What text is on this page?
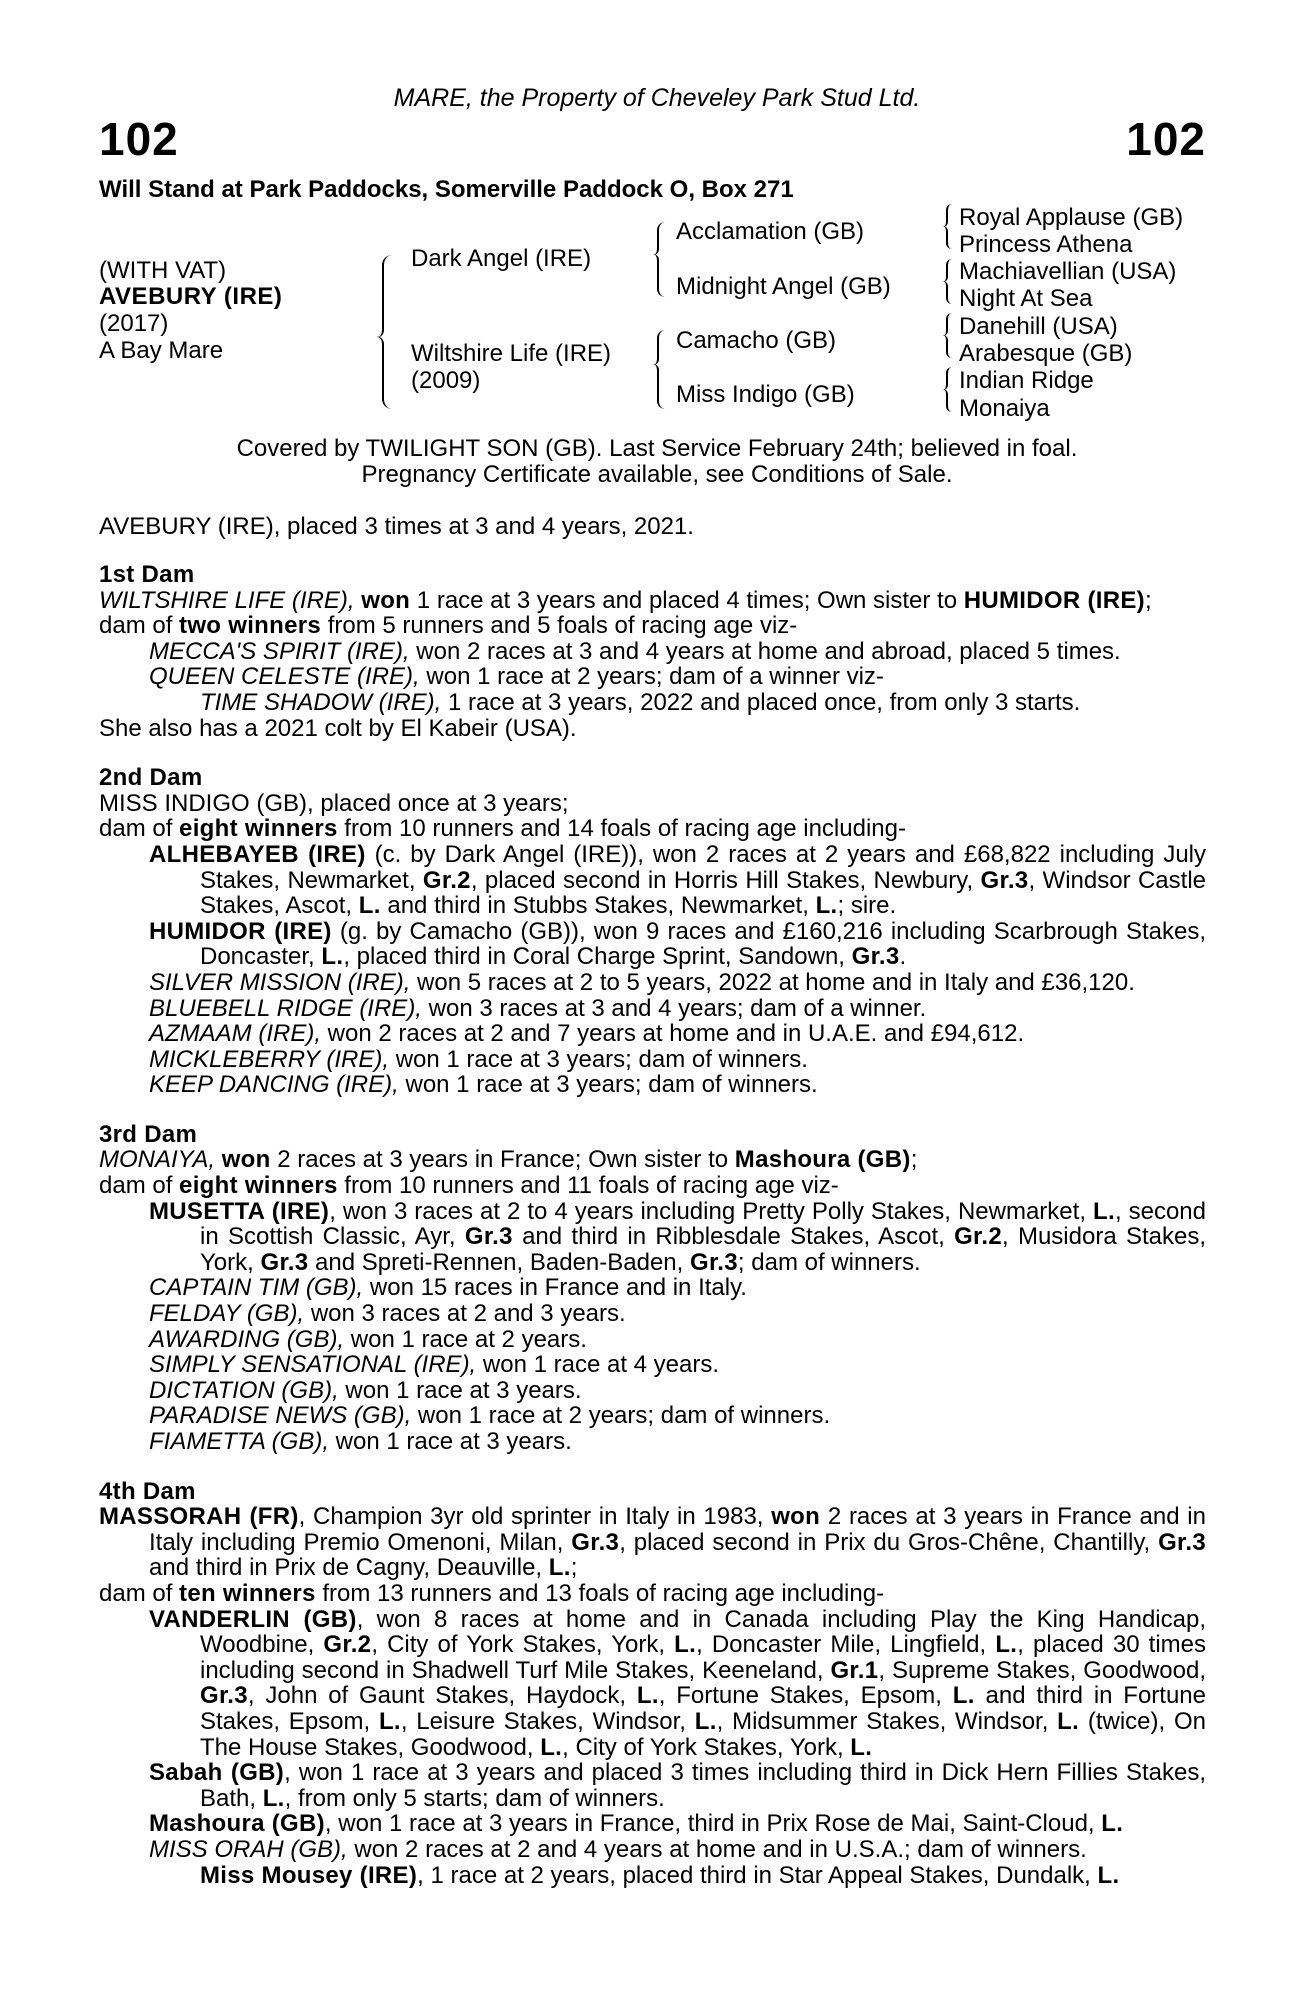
MARE, the Property of Cheveley Park Stud Ltd.
102	102
Will Stand at Park Paddocks, Somerville Paddock O, Box 271
(WITH VAT)
AVEBURY (IRE)
(2017)
A Bay Mare
Dark Angel (IRE)
Wiltshire Life (IRE)
(2009)
Acclamation (GB)
Midnight Angel (GB)
Camacho (GB)
Miss Indigo (GB)
Royal Applause (GB)
Princess Athena
Machiavellian (USA)
Night At Sea
Danehill (USA)
Arabesque (GB)
Indian Ridge
Monaiya
Covered by TWILIGHT SON (GB). Last Service February 24th; believed in foal.
Pregnancy Certificate available, see Conditions of Sale.
AVEBURY (IRE), placed 3 times at 3 and 4 years, 2021.
1st Dam
WILTSHIRE LIFE (IRE), won 1 race at 3 years and placed 4 times; Own sister to HUMIDOR (IRE);
dam of two winners from 5 runners and 5 foals of racing age viz-
MECCA'S SPIRIT (IRE), won 2 races at 3 and 4 years at home and abroad, placed 5 times.
QUEEN CELESTE (IRE), won 1 race at 2 years; dam of a winner viz-
TIME SHADOW (IRE), 1 race at 3 years, 2022 and placed once, from only 3 starts.
She also has a 2021 colt by El Kabeir (USA).
2nd Dam
MISS INDIGO (GB), placed once at 3 years;
dam of eight winners from 10 runners and 14 foals of racing age including-
ALHEBAYEB (IRE) (c. by Dark Angel (IRE)), won 2 races at 2 years and £68,822 including July Stakes, Newmarket, Gr.2, placed second in Horris Hill Stakes, Newbury, Gr.3, Windsor Castle Stakes, Ascot, L. and third in Stubbs Stakes, Newmarket, L.; sire.
HUMIDOR (IRE) (g. by Camacho (GB)), won 9 races and £160,216 including Scarbrough Stakes, Doncaster, L., placed third in Coral Charge Sprint, Sandown, Gr.3.
SILVER MISSION (IRE), won 5 races at 2 to 5 years, 2022 at home and in Italy and £36,120.
BLUEBELL RIDGE (IRE), won 3 races at 3 and 4 years; dam of a winner.
AZMAAM (IRE), won 2 races at 2 and 7 years at home and in U.A.E. and £94,612.
MICKLEBERRY (IRE), won 1 race at 3 years; dam of winners.
KEEP DANCING (IRE), won 1 race at 3 years; dam of winners.
3rd Dam
MONAIYA, won 2 races at 3 years in France; Own sister to Mashoura (GB);
dam of eight winners from 10 runners and 11 foals of racing age viz-
MUSETTA (IRE), won 3 races at 2 to 4 years including Pretty Polly Stakes, Newmarket, L., second in Scottish Classic, Ayr, Gr.3 and third in Ribblesdale Stakes, Ascot, Gr.2, Musidora Stakes, York, Gr.3 and Spreti-Rennen, Baden-Baden, Gr.3; dam of winners.
CAPTAIN TIM (GB), won 15 races in France and in Italy.
FELDAY (GB), won 3 races at 2 and 3 years.
AWARDING (GB), won 1 race at 2 years.
SIMPLY SENSATIONAL (IRE), won 1 race at 4 years.
DICTATION (GB), won 1 race at 3 years.
PARADISE NEWS (GB), won 1 race at 2 years; dam of winners.
FIAMETTA (GB), won 1 race at 3 years.
4th Dam
MASSORAH (FR), Champion 3yr old sprinter in Italy in 1983, won 2 races at 3 years in France and in Italy including Premio Omenoni, Milan, Gr.3, placed second in Prix du Gros-Chêne, Chantilly, Gr.3 and third in Prix de Cagny, Deauville, L.;
dam of ten winners from 13 runners and 13 foals of racing age including-
VANDERLIN (GB), won 8 races at home and in Canada including Play the King Handicap, Woodbine, Gr.2, City of York Stakes, York, L., Doncaster Mile, Lingfield, L., placed 30 times including second in Shadwell Turf Mile Stakes, Keeneland, Gr.1, Supreme Stakes, Goodwood, Gr.3, John of Gaunt Stakes, Haydock, L., Fortune Stakes, Epsom, L. and third in Fortune Stakes, Epsom, L., Leisure Stakes, Windsor, L., Midsummer Stakes, Windsor, L. (twice), On The House Stakes, Goodwood, L., City of York Stakes, York, L.
Sabah (GB), won 1 race at 3 years and placed 3 times including third in Dick Hern Fillies Stakes, Bath, L., from only 5 starts; dam of winners.
Mashoura (GB), won 1 race at 3 years in France, third in Prix Rose de Mai, Saint-Cloud, L.
MISS ORAH (GB), won 2 races at 2 and 4 years at home and in U.S.A.; dam of winners.
Miss Mousey (IRE), 1 race at 2 years, placed third in Star Appeal Stakes, Dundalk, L.
